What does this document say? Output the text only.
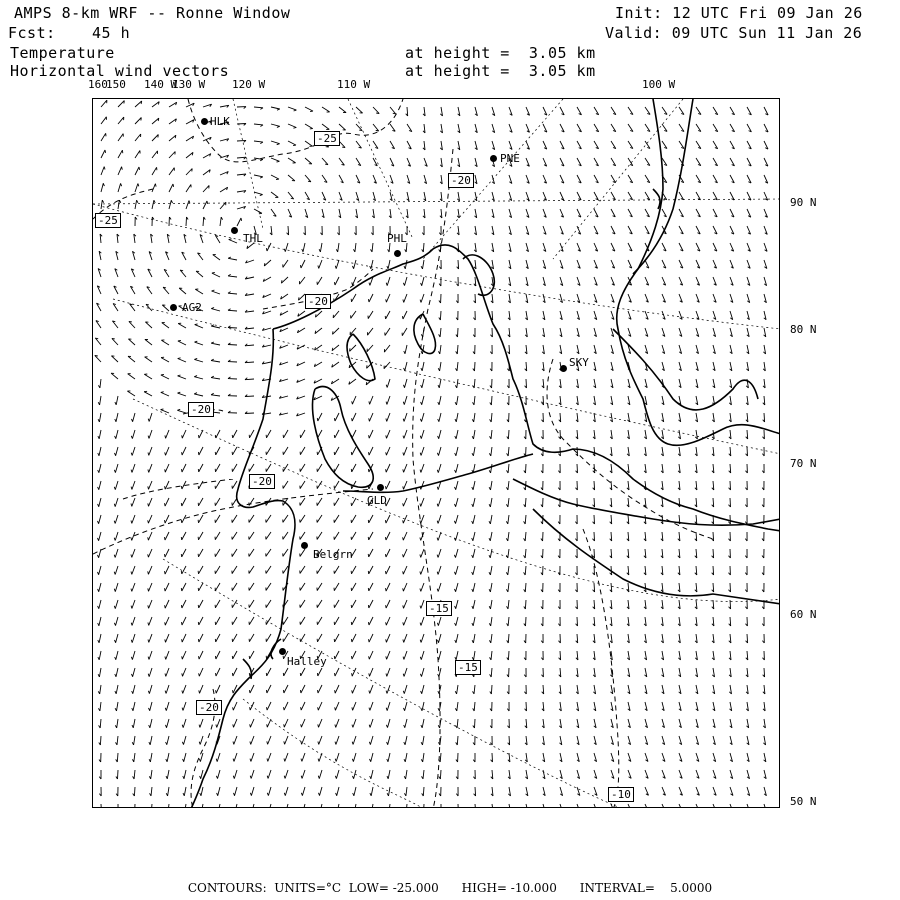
AMPS 8-km WRF -- Ronne Window	Init: 12 UTC Fri 09 Jan 26
Fcst: 45 h	Valid: 09 UTC Sun 11 Jan 26
Temperature	at height =  3.05 km
Horizontal wind vectors	at height =  3.05 km
160
150 140 W
130 W 120 W	110 W	100 W
90 N
80 N
70 N
60 N
50 N
HLK
PNE
THL	PHL
AG2
SKY
GLD
Belgrn
Halley
-25
-20
-25
-20
-20
-20
-15
-15
-20
-10
CONTOURS:  UNITS=°C  LOW= -25.000      HIGH= -10.000      INTERVAL=    5.0000
